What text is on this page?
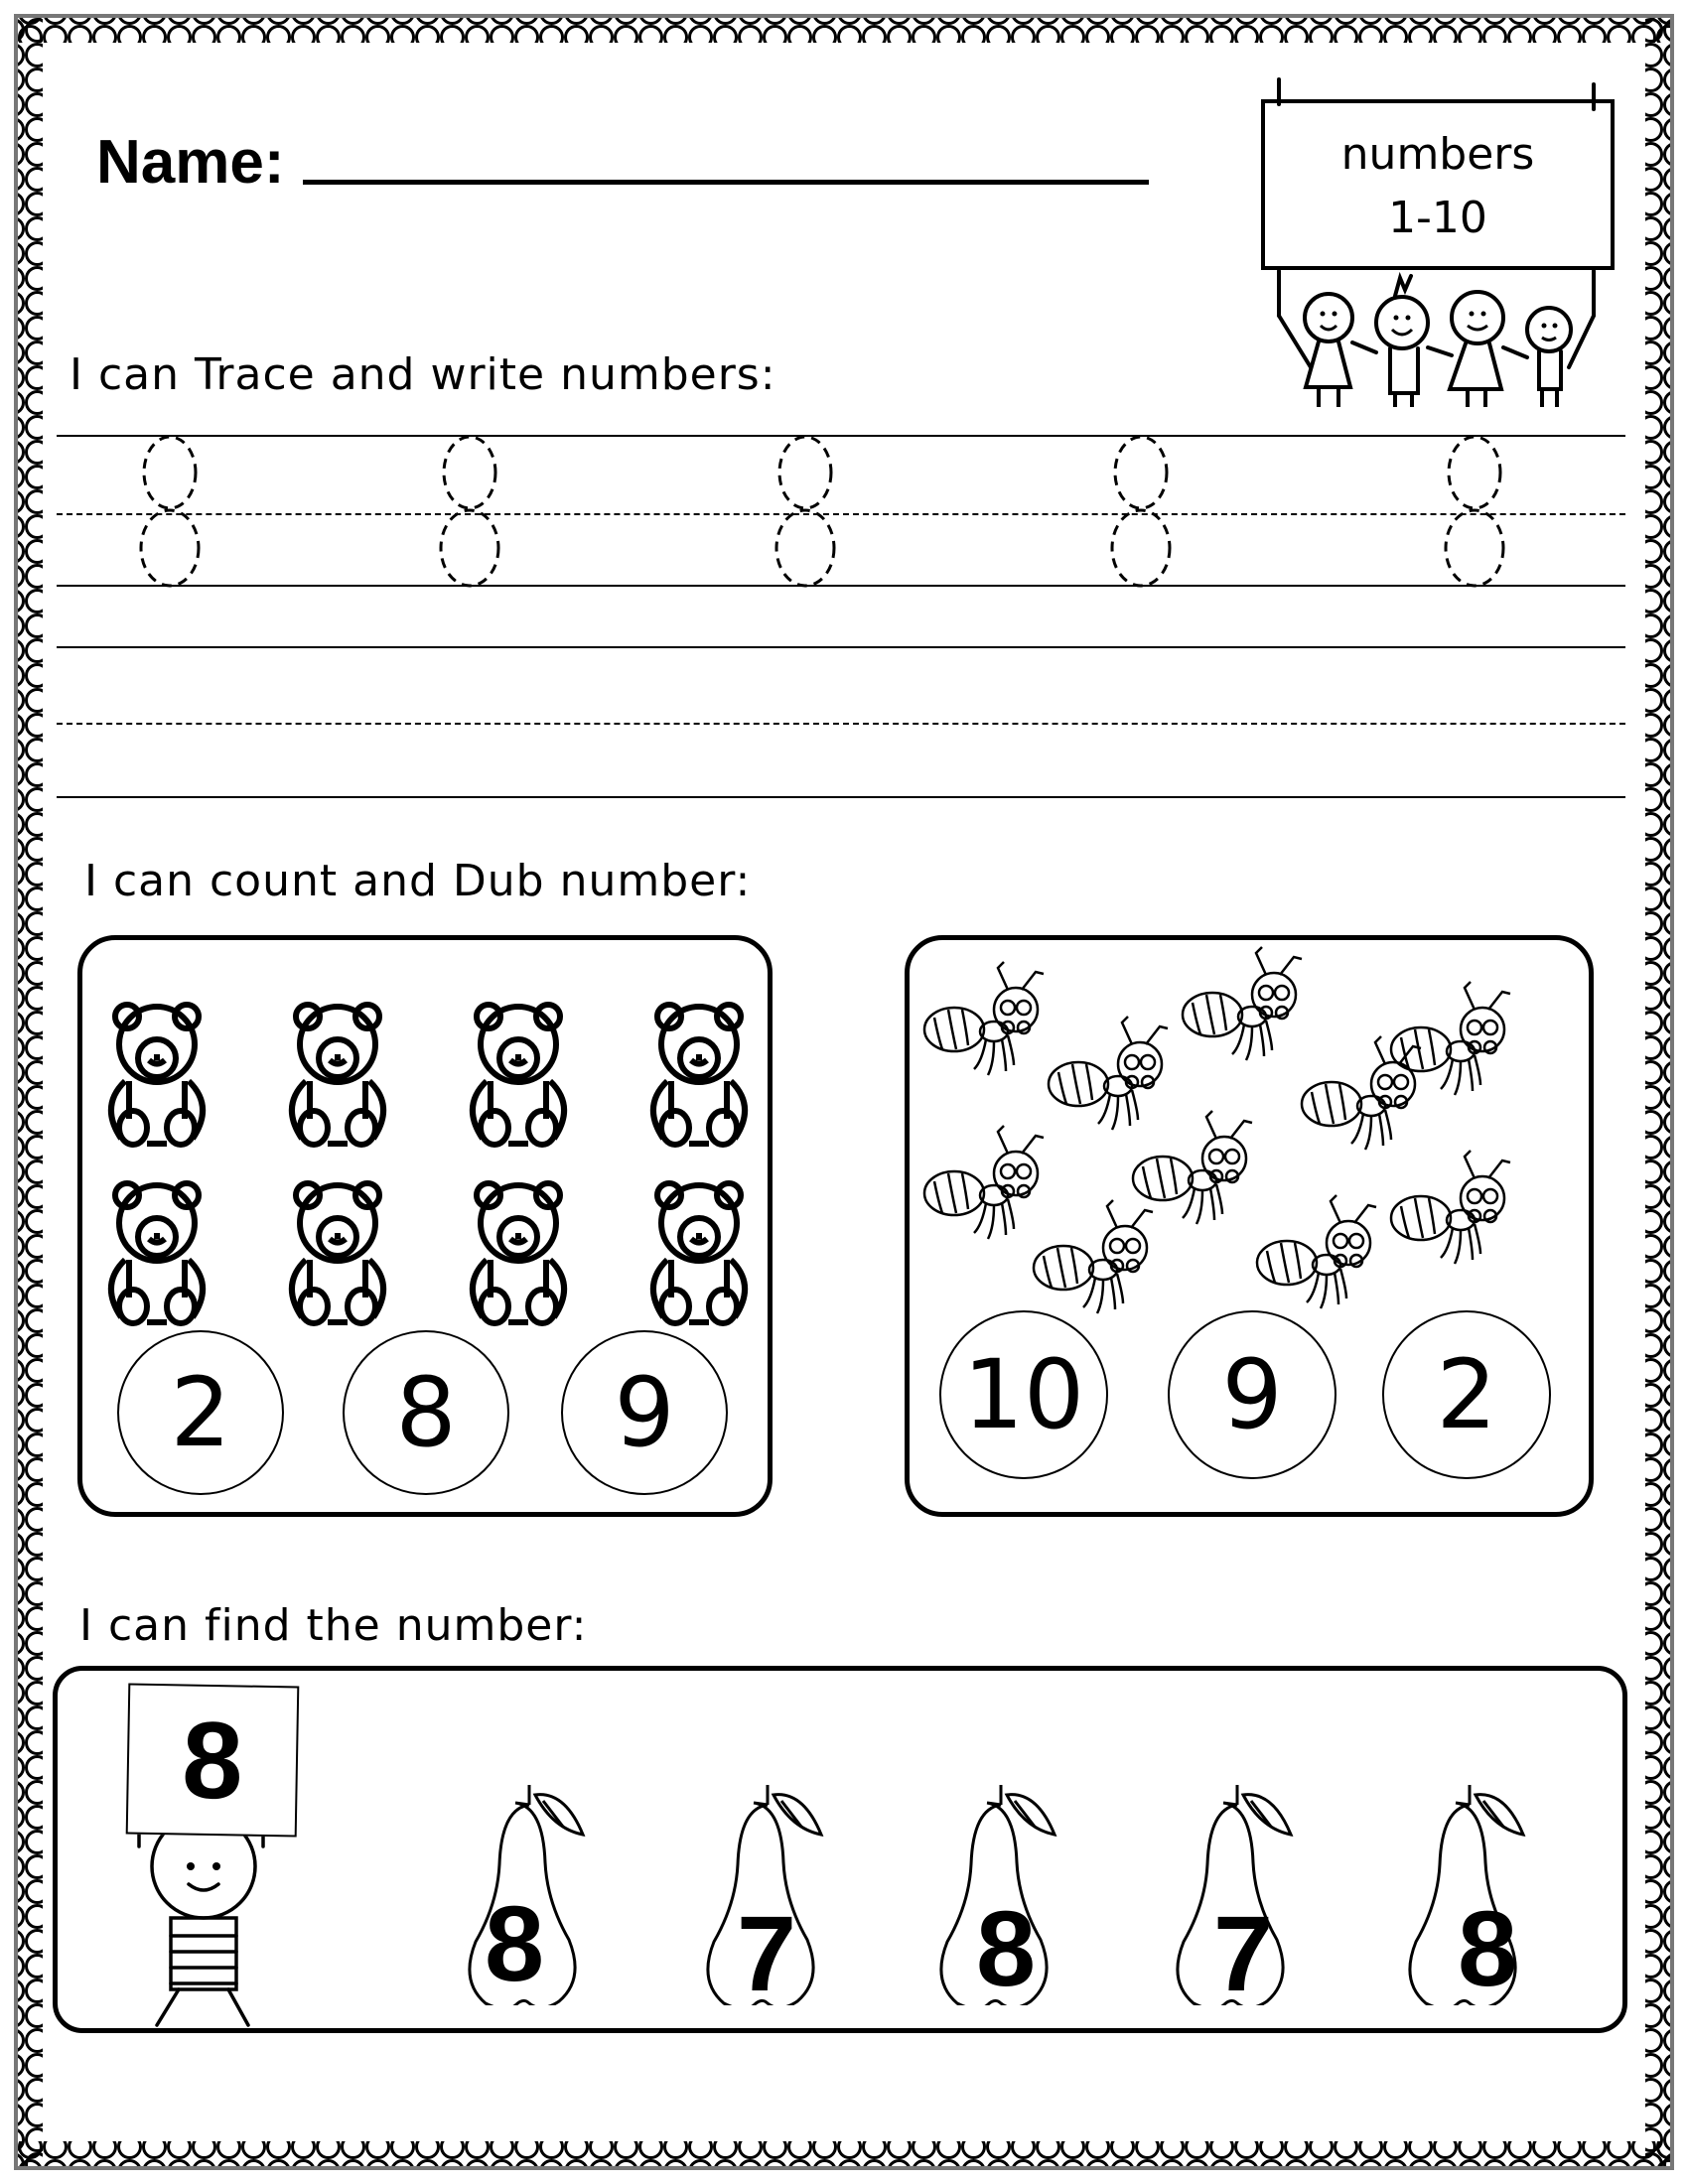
Name:	numbers
1-10
I can Trace and write numbers:
I can count and Dub number:
2	8	9	10	9	2
I can find the number:
8
8 7 8 7 8
